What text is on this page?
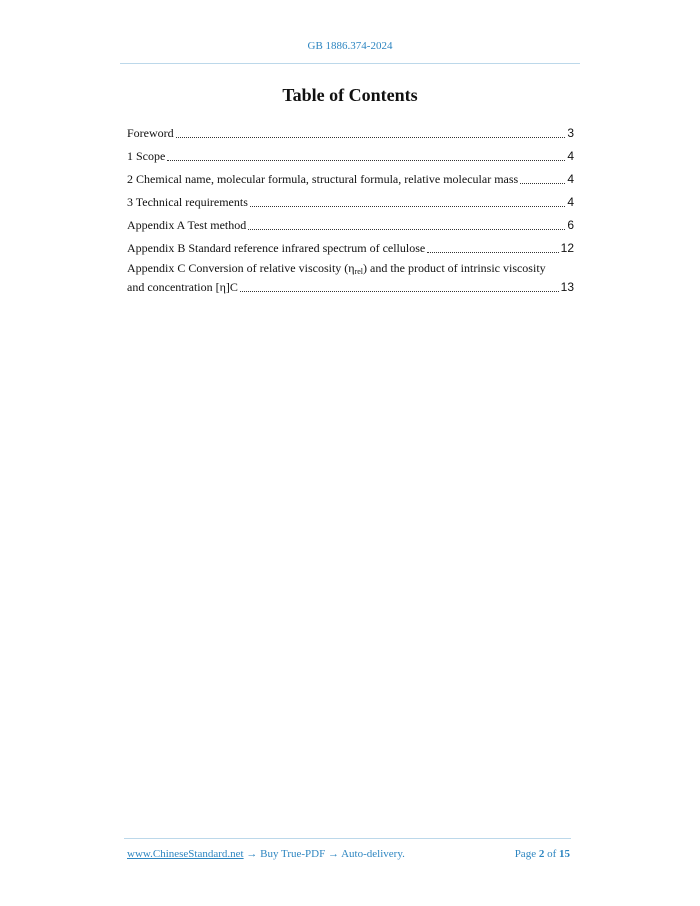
GB 1886.374-2024
Table of Contents
Foreword	3
1 Scope	4
2 Chemical name, molecular formula, structural formula, relative molecular mass	4
3 Technical requirements	4
Appendix A Test method	6
Appendix B Standard reference infrared spectrum of cellulose	12
Appendix C Conversion of relative viscosity $(\eta_{rel})$ and the product of intrinsic viscosity
and concentration [η]C	13
www.ChineseStandard.net → Buy True-PDF → Auto-delivery.	Page 2 of 15
